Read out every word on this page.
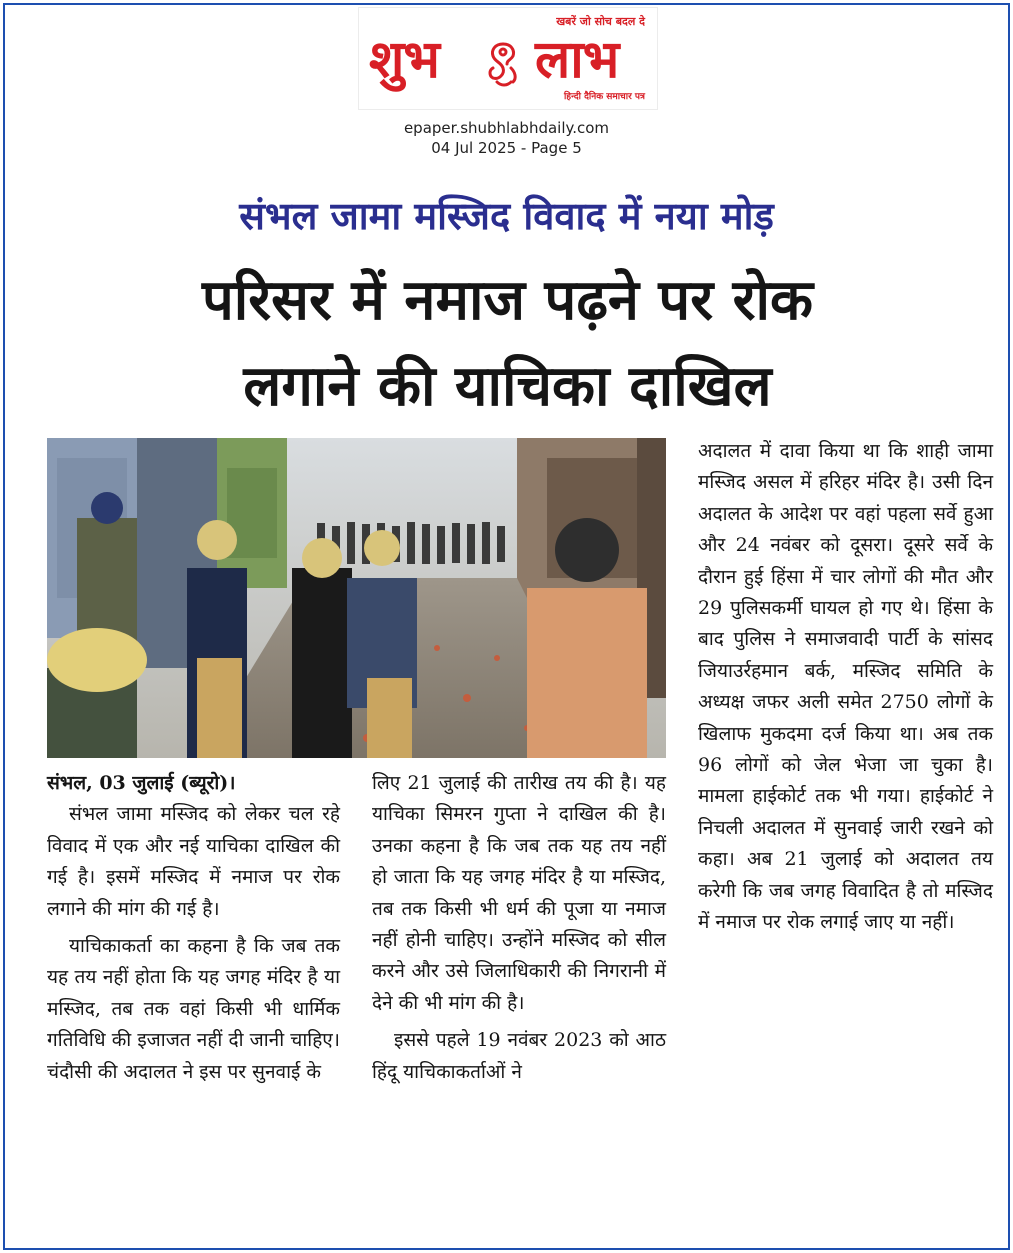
खबरें जो सोच बदल दे
शुभ लाभ
हिन्दी दैनिक समाचार पत्र
epaper.shubhlabhdaily.com
04 Jul 2025 - Page 5
संभल जामा मस्जिद विवाद में नया मोड़
परिसर में नमाज पढ़ने पर रोक
लगाने की याचिका दाखिल

संभल, 03 जुलाई (ब्यूरो)।

संभल जामा मस्जिद को लेकर चल रहे विवाद में एक और नई याचिका दाखिल की गई है। इसमें मस्जिद में नमाज पर रोक लगाने की मांग की गई है।

याचिकाकर्ता का कहना है कि जब तक यह तय नहीं होता कि यह जगह मंदिर है या मस्जिद, तब तक वहां किसी भी धार्मिक गतिविधि की इजाजत नहीं दी जानी चाहिए। चंदौसी की अदालत ने इस पर सुनवाई के

लिए 21 जुलाई की तारीख तय की है। यह याचिका सिमरन गुप्ता ने दाखिल की है। उनका कहना है कि जब तक यह तय नहीं हो जाता कि यह जगह मंदिर है या मस्जिद, तब तक किसी भी धर्म की पूजा या नमाज नहीं होनी चाहिए। उन्होंने मस्जिद को सील करने और उसे जिलाधिकारी की निगरानी में देने की भी मांग की है।

इससे पहले 19 नवंबर 2023 को आठ हिंदू याचिकाकर्ताओं ने

अदालत में दावा किया था कि शाही जामा मस्जिद असल में हरिहर मंदिर है। उसी दिन अदालत के आदेश पर वहां पहला सर्वे हुआ और 24 नवंबर को दूसरा। दूसरे सर्वे के दौरान हुई हिंसा में चार लोगों की मौत और 29 पुलिसकर्मी घायल हो गए थे। हिंसा के बाद पुलिस ने समाजवादी पार्टी के सांसद जियाउर्रहमान बर्क, मस्जिद समिति के अध्यक्ष जफर अली समेत 2750 लोगों के खिलाफ मुकदमा दर्ज किया था। अब तक 96 लोगों को जेल भेजा जा चुका है। मामला हाईकोर्ट तक भी गया। हाईकोर्ट ने निचली अदालत में सुनवाई जारी रखने को कहा। अब 21 जुलाई को अदालत तय करेगी कि जब जगह विवादित है तो मस्जिद में नमाज पर रोक लगाई जाए या नहीं।
